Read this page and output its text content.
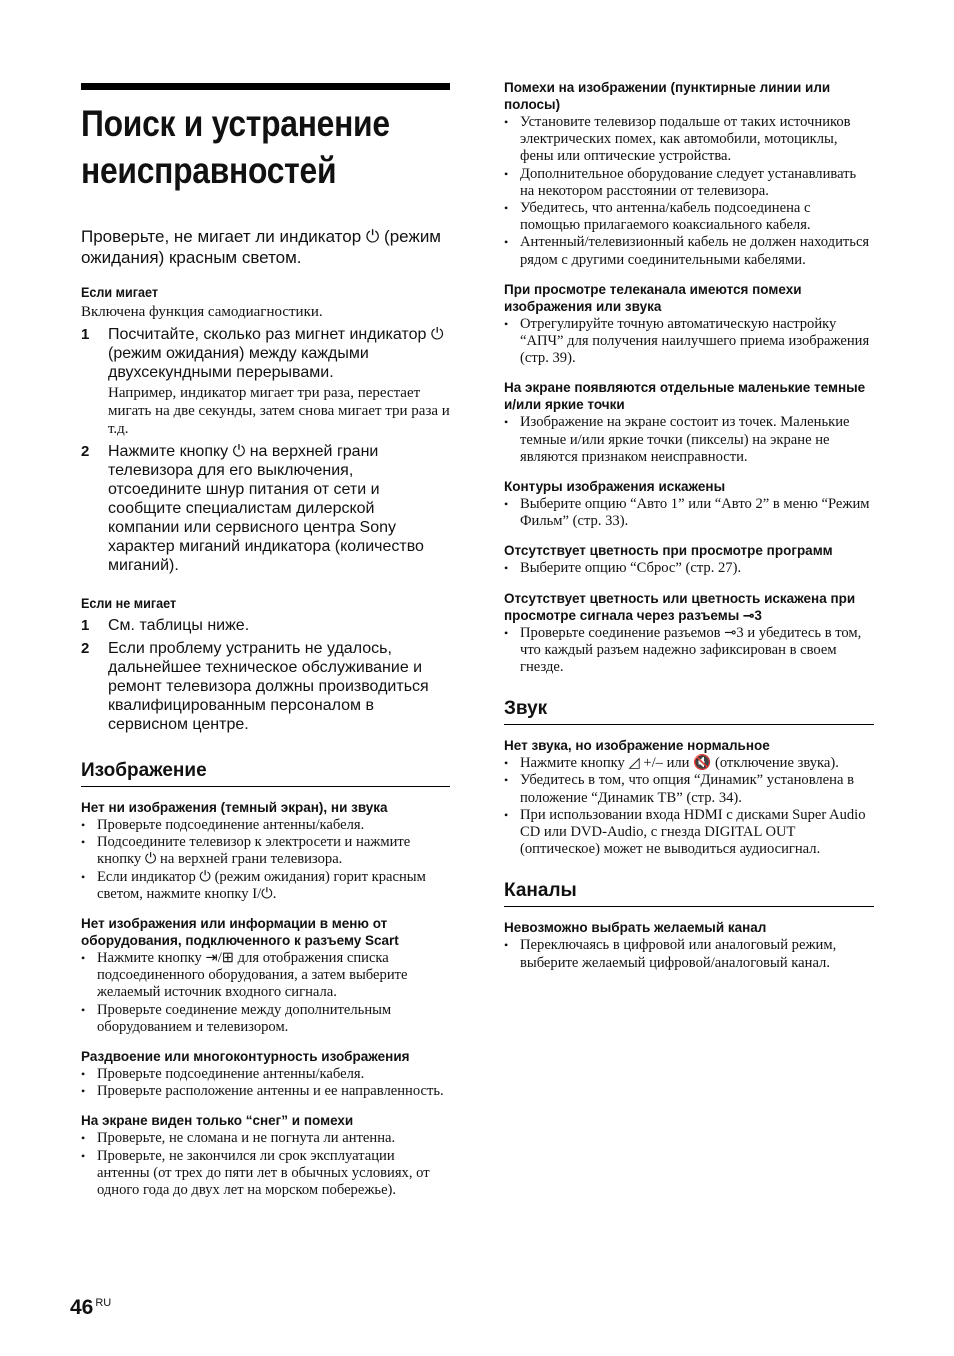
Поиск и устранение
неисправностей

Проверьте, не мигает ли индикатор ⏻ (режим ожидания) красным светом.

Если мигает

Включена функция самодиагностики.

1	Посчитайте, сколько раз мигнет индикатор ⏻ (режим ожидания) между каждыми двухсекундными перерывами.
Например, индикатор мигает три раза, перестает мигать на две секунды, затем снова мигает три раза и т.д.
2	Нажмите кнопку ⏻ на верхней грани телевизора для его выключения, отсоедините шнур питания от сети и сообщите специалистам дилерской компании или сервисного центра Sony характер миганий индикатора (количество миганий).
Если не мигает
1	См. таблицы ниже.
2	Если проблему устранить не удалось, дальнейшее техническое обслуживание и ремонт телевизора должны производиться квалифицированным персоналом в сервисном центре.
Изображение
Нет ни изображения (темный экран), ни звука
• Проверьте подсоединение антенны/кабеля.
• Подсоедините телевизор к электросети и нажмите кнопку ⏻ на верхней грани телевизора.
• Если индикатор ⏻ (режим ожидания) горит красным светом, нажмите кнопку I/⏻.
Нет изображения или информации в меню от оборудования, подключенного к разъему Scart
• Нажмите кнопку ⇥/⊞ для отображения списка подсоединенного оборудования, а затем выберите желаемый источник входного сигнала.
• Проверьте соединение между дополнительным оборудованием и телевизором.
Раздвоение или многоконтурность изображения
• Проверьте подсоединение антенны/кабеля.
• Проверьте расположение антенны и ее направленность.
На экране виден только “снег” и помехи
• Проверьте, не сломана и не погнута ли антенна.
• Проверьте, не закончился ли срок эксплуатации антенны (от трех до пяти лет в обычных условиях, от одного года до двух лет на морском побережье).
Помехи на изображении (пунктирные линии или полосы)
• Установите телевизор подальше от таких источников электрических помех, как автомобили, мотоциклы, фены или оптические устройства.
• Дополнительное оборудование следует устанавливать на некотором расстоянии от телевизора.
• Убедитесь, что антенна/кабель подсоединена с помощью прилагаемого коаксиального кабеля.
• Антенный/телевизионный кабель не должен находиться рядом с другими соединительными кабелями.
При просмотре телеканала имеются помехи изображения или звука
• Отрегулируйте точную автоматическую настройку “АПЧ” для получения наилучшего приема изображения (стр. 39).
На экране появляются отдельные маленькие темные и/или яркие точки
• Изображение на экране состоит из точек. Маленькие темные и/или яркие точки (пикселы) на экране не являются признаком неисправности.
Контуры изображения искажены
• Выберите опцию “Авто 1” или “Авто 2” в меню “Режим Фильм” (стр. 33).
Отсутствует цветность при просмотре программ
• Выберите опцию “Сброс” (стр. 27).
Отсутствует цветность или цветность искажена при просмотре сигнала через разъемы ⊸3
• Проверьте соединение разъемов ⊸3 и убедитесь в том, что каждый разъем надежно зафиксирован в своем гнезде.
Звук
Нет звука, но изображение нормальное
• Нажмите кнопку ◿ +/– или 🔇 (отключение звука).
• Убедитесь в том, что опция “Динамик” установлена в положение “Динамик ТВ” (стр. 34).
• При использовании входа HDMI с дисками Super Audio CD или DVD-Audio, с гнезда DIGITAL OUT (оптическое) может не выводиться аудиосигнал.
Каналы
Невозможно выбрать желаемый канал
• Переключаясь в цифровой или аналоговый режим, выберите желаемый цифровой/аналоговый канал.
46 $^{RU}$
